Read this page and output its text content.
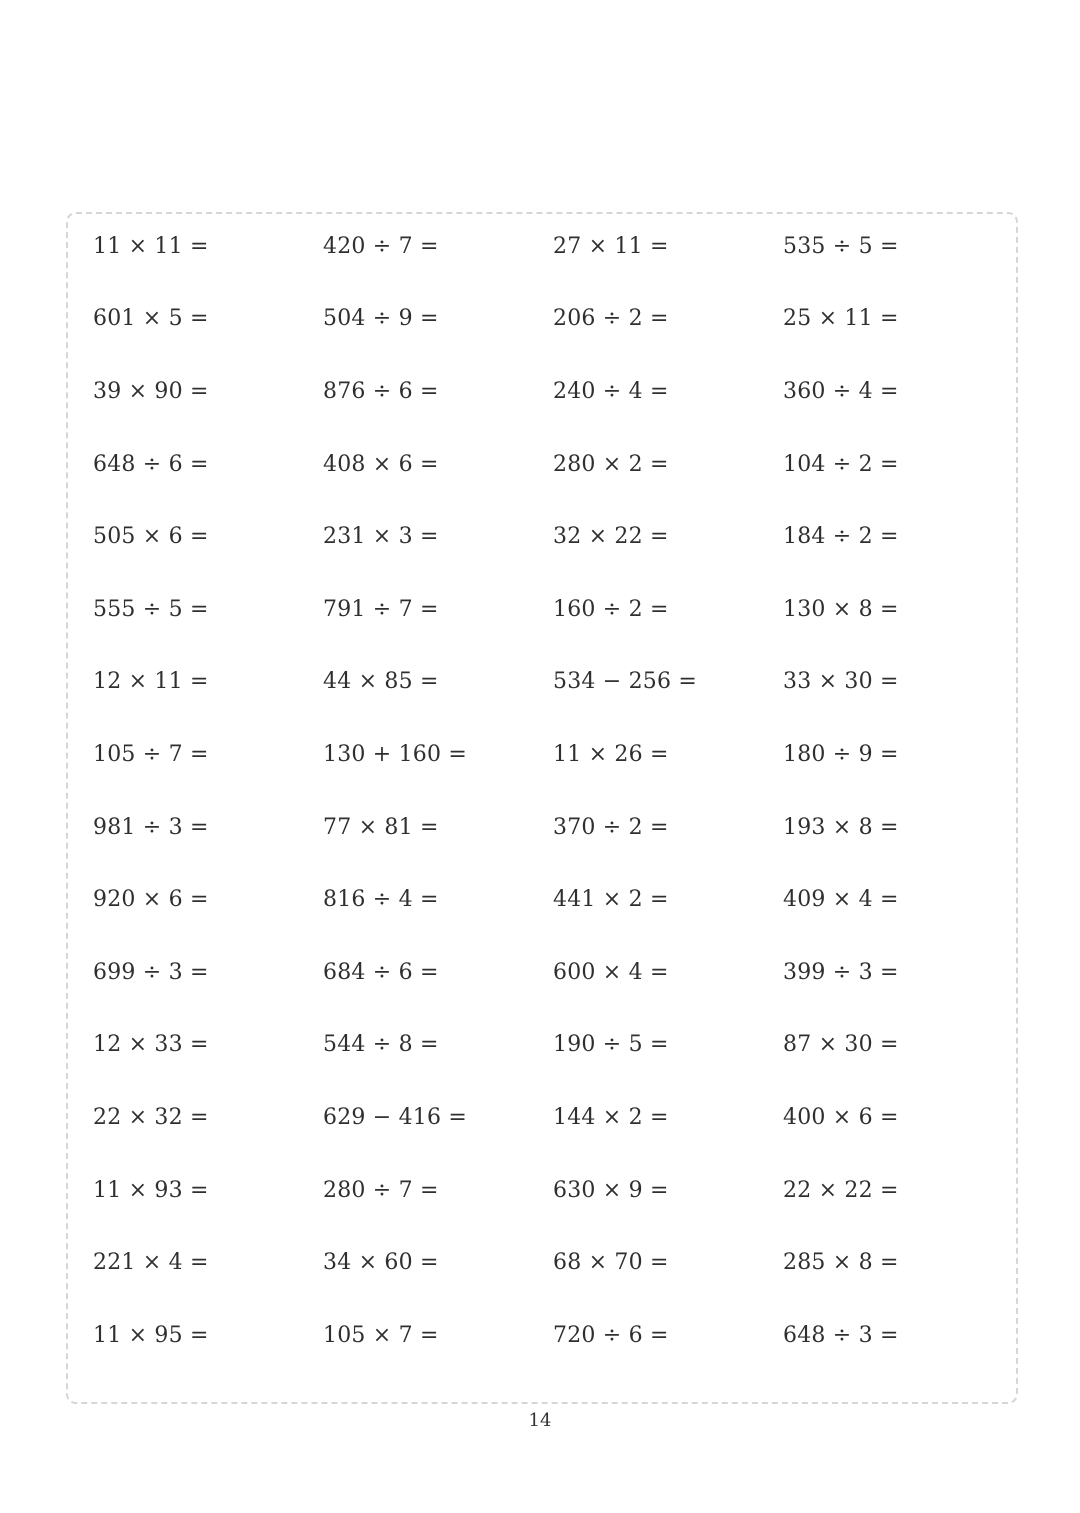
11 × 11 =	420 ÷ 7 =	27 × 11 =	535 ÷ 5 =
601 × 5 =	504 ÷ 9 =	206 ÷ 2 =	25 × 11 =
39 × 90 =	876 ÷ 6 =	240 ÷ 4 =	360 ÷ 4 =
648 ÷ 6 =	408 × 6 =	280 × 2 =	104 ÷ 2 =
505 × 6 =	231 × 3 =	32 × 22 =	184 ÷ 2 =
555 ÷ 5 =	791 ÷ 7 =	160 ÷ 2 =	130 × 8 =
12 × 11 =	44 × 85 =	534 − 256 =	33 × 30 =
105 ÷ 7 =	130 + 160 =	11 × 26 =	180 ÷ 9 =
981 ÷ 3 =	77 × 81 =	370 ÷ 2 =	193 × 8 =
920 × 6 =	816 ÷ 4 =	441 × 2 =	409 × 4 =
699 ÷ 3 =	684 ÷ 6 =	600 × 4 =	399 ÷ 3 =
12 × 33 =	544 ÷ 8 =	190 ÷ 5 =	87 × 30 =
22 × 32 =	629 − 416 =	144 × 2 =	400 × 6 =
11 × 93 =	280 ÷ 7 =	630 × 9 =	22 × 22 =
221 × 4 =	34 × 60 =	68 × 70 =	285 × 8 =
11 × 95 =	105 × 7 =	720 ÷ 6 =	648 ÷ 3 =
14
